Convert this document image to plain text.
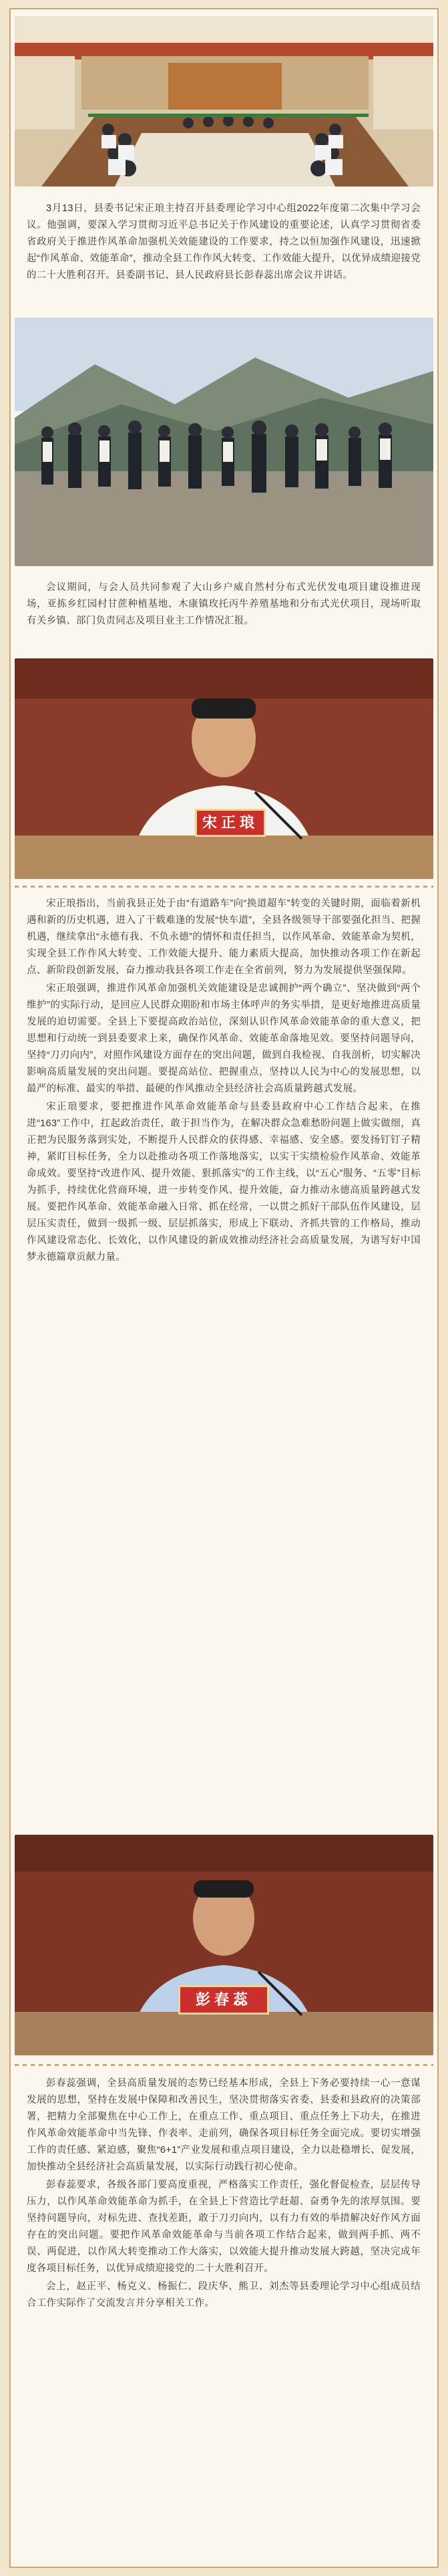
3月13日，县委书记宋正琅主持召开县委理论学习中心组2022年度第二次集中学习会议。他强调，要深入学习贯彻习近平总书记关于作风建设的重要论述，认真学习贯彻省委省政府关于推进作风革命加强机关效能建设的工作要求，持之以恒加强作风建设，迅速掀起“作风革命、效能革命”，推动全县工作作风大转变、工作效能大提升，以优异成绩迎接党的二十大胜利召开。县委副书记、县人民政府县长彭春蕊出席会议并讲话。

会议期间，与会人员共同参观了大山乡户威自然村分布式光伏发电项目建设推进现场，亚拣乡红园村甘蔗种植基地、木康镇玫托丙牛养殖基地和分布式光伏项目，现场听取有关乡镇、部门负责同志及项目业主工作情况汇报。

宋正琅

宋正琅指出，当前我县正处于由“有道路车”向“换道超车”转变的关键时期，面临着新机遇和新的历史机遇，进入了干载难逢的发展“快车道”，全县各级领导干部要强化担当、把握机遇，继续拿出“永德有我、不负永德”的情怀和责任担当，以作风革命、效能革命为契机，实现全县工作作风大转变、工作效能大提升、能力素质大提高，加快推动各项工作在新起点、新阶段创新发展，奋力推动我县各项工作走在全省前列，努力为发展提供坚强保障。

宋正琅强调，推进作风革命加强机关效能建设是忠诚拥护“两个确立”、坚决做到“两个维护”的实际行动，是回应人民群众期盼和市场主体呼声的务实举措，是更好地推进高质量发展的迫切需要。全县上下要提高政治站位，深刻认识作风革命效能革命的重大意义，把思想和行动统一到县委要求上来，确保作风革命、效能革命落地见效。要坚持问题导向，坚持“刀刃向内”，对照作风建设方面存在的突出问题，做到自我检视、自我剖析，切实解决影响高质量发展的突出问题。要提高站位、把握重点，坚持以人民为中心的发展思想，以最严的标准、最实的举措、最硬的作风推动全县经济社会高质量跨越式发展。

宋正琅要求，要把推进作风革命效能革命与县委县政府中心工作结合起来，在推进“163”工作中，扛起政治责任，敢于担当作为，在解决群众急难愁盼问题上做实做细，真正把为民服务落到实处，不断提升人民群众的获得感、幸福感、安全感。要发扬钉钉子精神，紧盯目标任务，全力以赴推动各项工作落地落实，以实干实绩检验作风革命、效能革命成效。要坚持“改进作风、提升效能、狠抓落实”的工作主线，以“五心”服务、“五零”目标为抓手，持续优化营商环境，进一步转变作风、提升效能，奋力推动永德高质量跨越式发展。要把作风革命、效能革命融入日常、抓在经常，一以贯之抓好干部队伍作风建设，层层压实责任，做到一级抓一级、层层抓落实，形成上下联动、齐抓共管的工作格局，推动作风建设常态化、长效化，以作风建设的新成效推动经济社会高质量发展，为谱写好中国梦永德篇章贡献力量。

彭春蕊

彭春蕊强调，全县高质量发展的态势已经基本形成，全县上下务必要持续一心一意谋发展的思想，坚持在发展中保障和改善民生，坚决贯彻落实省委、县委和县政府的决策部署，把精力全部聚焦在中心工作上，在重点工作、重点项目、重点任务上下功夫，在推进作风革命效能革命中当先锋、作表率、走前列，确保各项目标任务全面完成。要切实增强工作的责任感、紧迫感，聚焦“6+1”产业发展和重点项目建设，全力以赴稳增长、促发展，加快推动全县经济社会高质量发展，以实际行动践行初心使命。

彭春蕊要求，各级各部门要高度重视，严格落实工作责任，强化督促检查，层层传导压力，以作风革命效能革命为抓手，在全县上下营造比学赶超、奋勇争先的浓厚氛围。要坚持问题导向，对标先进、查找差距，敢于刀刃向内，以有力有效的举措解决好作风方面存在的突出问题。要把作风革命效能革命与当前各项工作结合起来，做到两手抓、两不误、两促进，以作风大转变推动工作大落实，以效能大提升推动发展大跨越，坚决完成年度各项目标任务，以优异成绩迎接党的二十大胜利召开。

会上，赵正平、杨克义、杨振仁、段庆华、熊卫、刘杰等县委理论学习中心组成员结合工作实际作了交流发言并分享相关工作。
